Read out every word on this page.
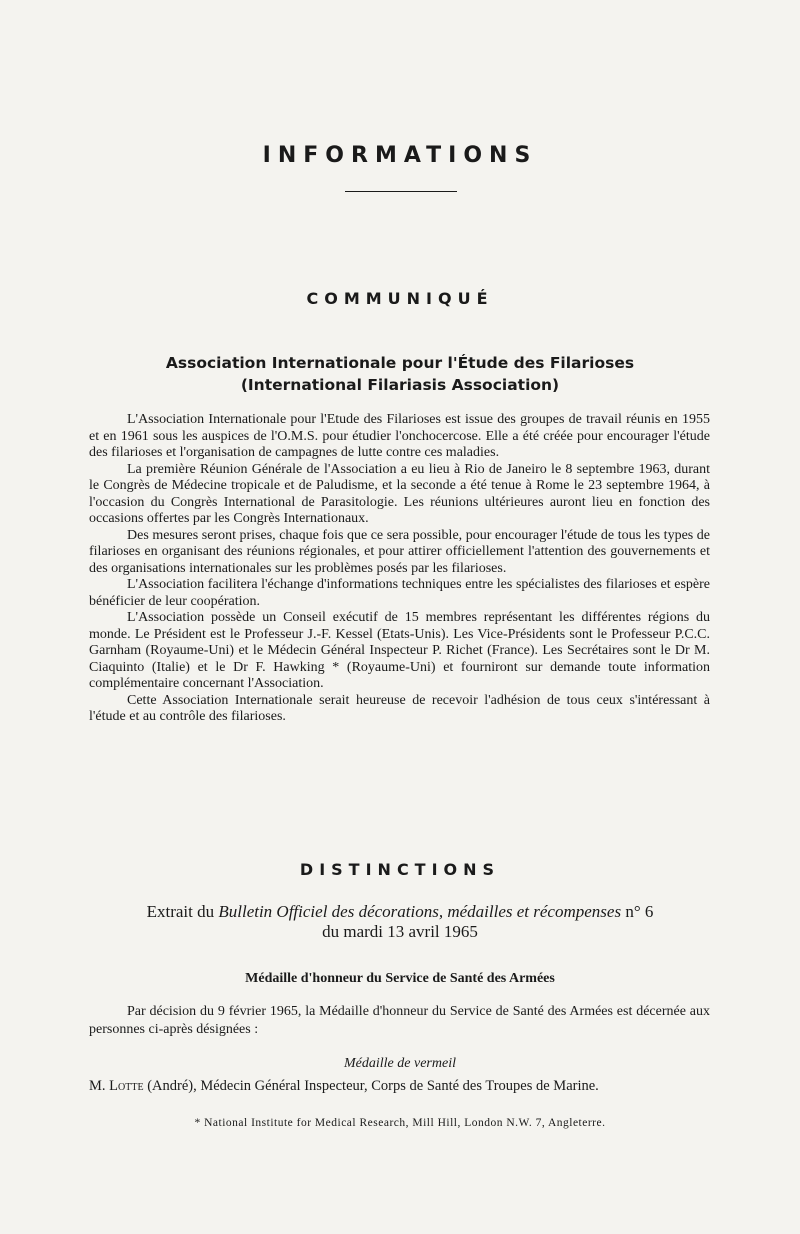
INFORMATIONS
COMMUNIQUÉ
Association Internationale pour l'Étude des Filarioses
(International Filariasis Association)

L'Association Internationale pour l'Etude des Filarioses est issue des groupes de travail réunis en 1955 et en 1961 sous les auspices de l'O.M.S. pour étudier l'onchocercose. Elle a été créée pour encourager l'étude des filarioses et l'organisation de campagnes de lutte contre ces maladies.

La première Réunion Générale de l'Association a eu lieu à Rio de Janeiro le 8 septembre 1963, durant le Congrès de Médecine tropicale et de Paludisme, et la seconde a été tenue à Rome le 23 septembre 1964, à l'occasion du Congrès International de Parasitologie. Les réunions ultérieures auront lieu en fonction des occasions offertes par les Congrès Internationaux.

Des mesures seront prises, chaque fois que ce sera possible, pour encourager l'étude de tous les types de filarioses en organisant des réunions régionales, et pour attirer officiellement l'attention des gouvernements et des organisations internationales sur les problèmes posés par les filarioses.

L'Association facilitera l'échange d'informations techniques entre les spécialistes des filarioses et espère bénéficier de leur coopération.

L'Association possède un Conseil exécutif de 15 membres représentant les différentes régions du monde. Le Président est le Professeur J.-F. Kessel (Etats-Unis). Les Vice-Présidents sont le Professeur P.C.C. Garnham (Royaume-Uni) et le Médecin Général Inspecteur P. Richet (France). Les Secrétaires sont le Dr M. Ciaquinto (Italie) et le Dr F. Hawking * (Royaume-Uni) et fourniront sur demande toute information complémentaire concernant l'Association.

Cette Association Internationale serait heureuse de recevoir l'adhésion de tous ceux s'intéressant à l'étude et au contrôle des filarioses.

DISTINCTIONS
Extrait du Bulletin Officiel des décorations, médailles et récompenses n° 6
du mardi 13 avril 1965
Médaille d'honneur du Service de Santé des Armées

Par décision du 9 février 1965, la Médaille d'honneur du Service de Santé des Armées est décernée aux personnes ci-après désignées :

Médaille de vermeil
M. Lotte (André), Médecin Général Inspecteur, Corps de Santé des Troupes de Marine.
* National Institute for Medical Research, Mill Hill, London N.W. 7, Angleterre.
